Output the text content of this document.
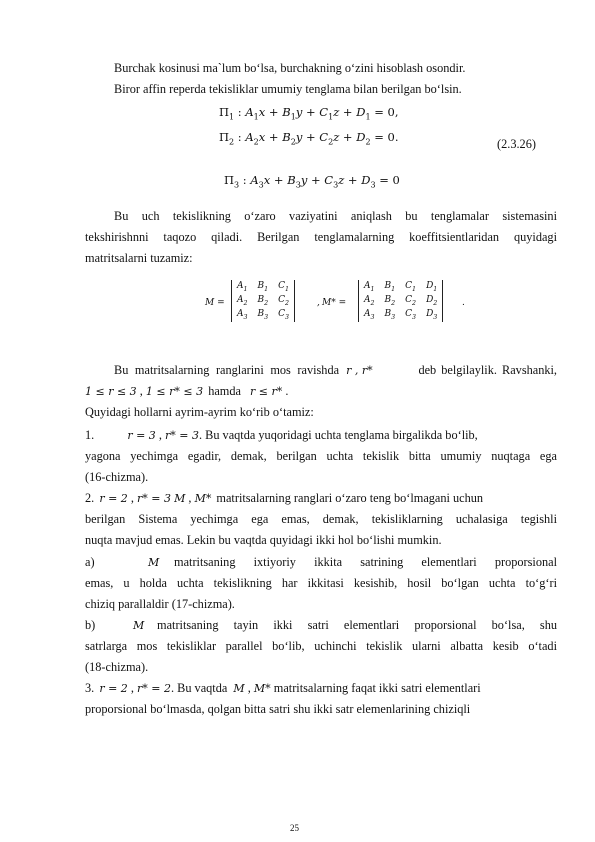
Burchak kosinusi ma`lum bo‘lsa, burchakning o‘zini hisoblash osondir.
Biror affin reperda tekisliklar umumiy tenglama bilan berilgan bo‘lsin.
$\Pi_1$ : $A_1x + B_1y + C_1z + D_1 = 0$,
$\Pi_2$ : $A_2x + B_2y + C_2z + D_2 = 0$.	(2.3.26)
$\Pi_3$ : $A_3x + B_3y + C_3z + D_3 = 0$
Bu uch tekislikning o‘zaro vaziyatini aniqlash bu tenglamalar sistemasini
tekshirishnni taqozo qiladi. Berilgan tenglamalarning koeffitsientlaridan quyidagi
matritsalarni tuzamiz:
M =
$A_1$	$B_1$	$C_1$
$A_2$	$B_2$	$C_2$
$A_3$	$B_3$	$C_3$
, M* =
$A_1$	$B_1$	$C_1$	$D_1$
$A_2$	$B_2$	$C_2$	$D_2$
$A_3$	$B_3$	$C_3$	$D_3$
.
Bu matritsalarning ranglarini mos ravishda r , r*	deb belgilaylik. Ravshanki,
1 ≤ r ≤ 3 , 1 ≤ r* ≤ 3 hamda r ≤ r* .
Quyidagi hollarni ayrim-ayrim ko‘rib o‘tamiz:
1.	r = 3 , r* = 3. Bu vaqtda yuqoridagi uchta tenglama birgalikda bo‘lib,
yagona yechimga egadir, demak, berilgan uchta tekislik bitta umumiy nuqtaga ega
(16-chizma).
2. r = 2 , r* = 3 M , M* matritsalarning ranglari o‘zaro teng bo‘lmagani uchun
berilgan Sistema yechimga ega emas, demak, tekisliklarning uchalasiga tegishli
nuqta mavjud emas. Lekin bu vaqtda quyidagi ikki hol bo‘lishi mumkin.
a)	M matritsaning ixtiyoriy ikkita satrining elementlari proporsional
emas, u holda uchta tekislikning har ikkitasi kesishib, hosil bo‘lgan uchta to‘g‘ri
chiziq parallaldir (17-chizma).
b)	M matritsaning tayin ikki satri elementlari proporsional bo‘lsa, shu
satrlarga mos tekisliklar parallel bo‘lib, uchinchi tekislik ularni albatta kesib o‘tadi
(18-chizma).
3. r = 2 , r* = 2. Bu vaqtda M , M* matritsalarning faqat ikki satri elementlari
proporsional bo‘lmasda, qolgan bitta satri shu ikki satr elemenlarining chiziqli
25
